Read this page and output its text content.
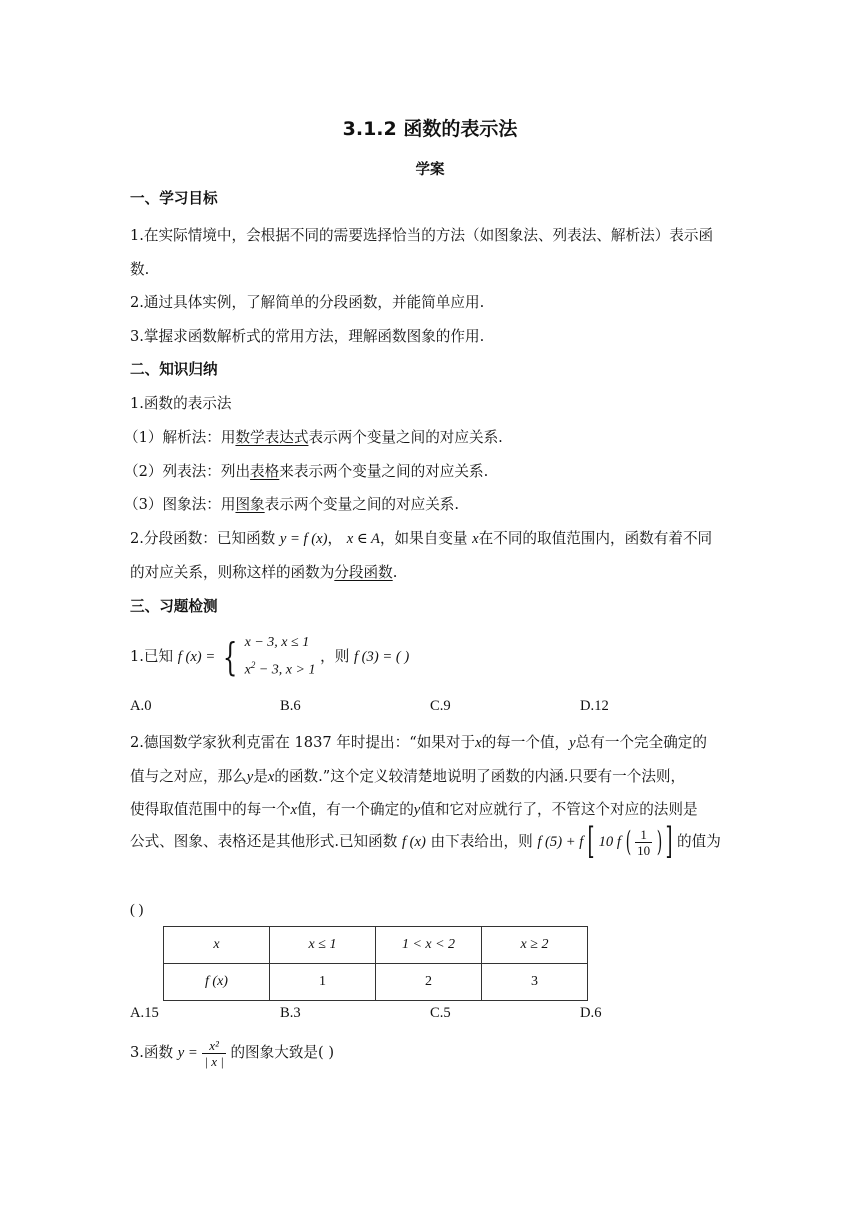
3.1.2 函数的表示法
学案
一、学习目标
1.在实际情境中，会根据不同的需要选择恰当的方法（如图象法、列表法、解析法）表示函
数.
2.通过具体实例，了解简单的分段函数，并能简单应用.
3.掌握求函数解析式的常用方法，理解函数图象的作用.
二、知识归纳
1.函数的表示法
（1）解析法：用数学表达式表示两个变量之间的对应关系.
（2）列表法：列出表格来表示两个变量之间的对应关系.
（3）图象法：用图象表示两个变量之间的对应关系.
2.分段函数：已知函数 y = f (x)， x ∈ A，如果自变量 x在不同的取值范围内，函数有着不同
的对应关系，则称这样的函数为分段函数.
三、习题检测
1.已知 f (x) = { x − 3, x ≤ 1
$x^2 - 3$, x > 1
，则 f (3) = ( )
A.0	B.6	C.9	D.12
2.德国数学家狄利克雷在 1837 年时提出：“如果对于x的每一个值，y总有一个完全确定的
值与之对应，那么y是x的函数.”这个定义较清楚地说明了函数的内涵.只要有一个法则，
使得取值范围中的每一个x值，有一个确定的y值和它对应就行了，不管这个对应的法则是
公式、图象、表格还是其他形式.已知函数 f (x) 由下表给出，则 f (5) + f [ 10 f ( $\frac{1}{10}$ ) ] 的值为
( )
x	x ≤ 1	1 < x < 2	x ≥ 2
f (x)	1	2	3
A.15	B.3	C.5	D.6
3.函数 $y = \frac{\text{x²}}{| x |}$ 的图象大致是( )
